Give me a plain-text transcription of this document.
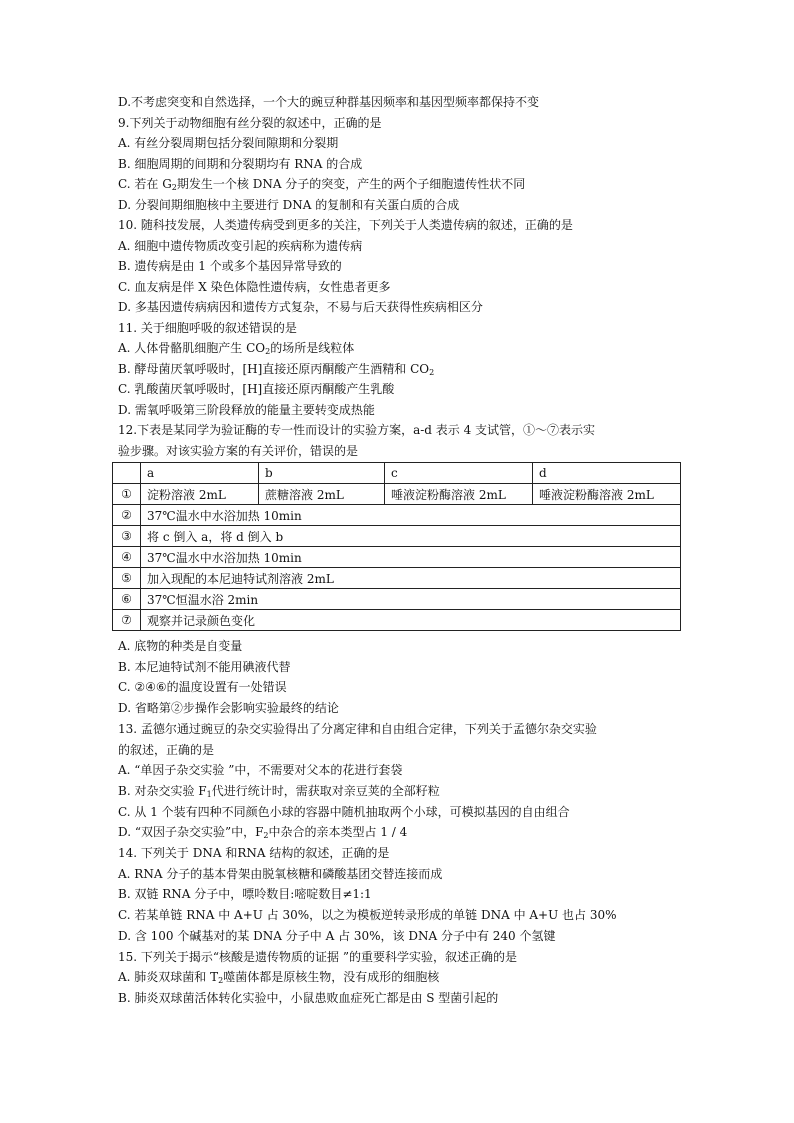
D.不考虑突变和自然选择，一个大的豌豆种群基因频率和基因型频率都保持不变
9.下列关于动物细胞有丝分裂的叙述中，正确的是
A. 有丝分裂周期包括分裂间隙期和分裂期
B. 细胞周期的间期和分裂期均有 RNA 的合成
C. 若在 $G_2$期发生一个核 DNA 分子的突变，产生的两个子细胞遗传性状不同
D. 分裂间期细胞核中主要进行 DNA 的复制和有关蛋白质的合成
10. 随科技发展，人类遗传病受到更多的关注，下列关于人类遗传病的叙述，正确的是
A. 细胞中遗传物质改变引起的疾病称为遗传病
B. 遗传病是由 1 个或多个基因异常导致的
C. 血友病是伴 X 染色体隐性遗传病，女性患者更多
D. 多基因遗传病病因和遗传方式复杂，不易与后天获得性疾病相区分
11. 关于细胞呼吸的叙述错误的是
A. 人体骨骼肌细胞产生 $CO_2$的场所是线粒体
B. 酵母菌厌氧呼吸时，[H]直接还原丙酮酸产生酒精和 $CO_2$
C. 乳酸菌厌氧呼吸时，[H]直接还原丙酮酸产生乳酸
D. 需氧呼吸第三阶段释放的能量主要转变成热能
12.下表是某同学为验证酶的专一性而设计的实验方案，a-d 表示 4 支试管，①～⑦表示实
验步骤。对该实验方案的有关评价，错误的是
	a	b	c	d
①	淀粉溶液 2mL	蔗糖溶液 2mL	唾液淀粉酶溶液 2mL	唾液淀粉酶溶液 2mL
②	37℃温水中水浴加热 10min			
③	将 c 倒入 a，将 d 倒入 b			
④	37℃温水中水浴加热 10min			
⑤	加入现配的本尼迪特试剂溶液 2mL			
⑥	37℃恒温水浴 2min			
⑦	观察并记录颜色变化			
A. 底物的种类是自变量
B. 本尼迪特试剂不能用碘液代替
C. ②④⑥的温度设置有一处错误
D. 省略第②步操作会影响实验最终的结论
13. 孟德尔通过豌豆的杂交实验得出了分离定律和自由组合定律，下列关于孟德尔杂交实验
的叙述，正确的是
A. “单因子杂交实验 ”中，不需要对父本的花进行套袋
B. 对杂交实验 $F_1$代进行统计时，需获取对亲豆荚的全部籽粒
C. 从 1 个装有四种不同颜色小球的容器中随机抽取两个小球，可模拟基因的自由组合
D. “双因子杂交实验”中，$F_2$中杂合的亲本类型占 1 / 4
14. 下列关于 DNA 和RNA 结构的叙述，正确的是
A. RNA 分子的基本骨架由脱氧核糖和磷酸基团交替连接而成
B. 双链 RNA 分子中，嘌呤数目:嘧啶数目≠1:1
C. 若某单链 RNA 中 A+U 占 30%，以之为模板逆转录形成的单链 DNA 中 A+U 也占 30%
D. 含 100 个碱基对的某 DNA 分子中 A 占 30%，该 DNA 分子中有 240 个氢键
15. 下列关于揭示“核酸是遗传物质的证据 ”的重要科学实验，叙述正确的是
A. 肺炎双球菌和 $T_2$噬菌体都是原核生物，没有成形的细胞核
B. 肺炎双球菌活体转化实验中，小鼠患败血症死亡都是由 S 型菌引起的
